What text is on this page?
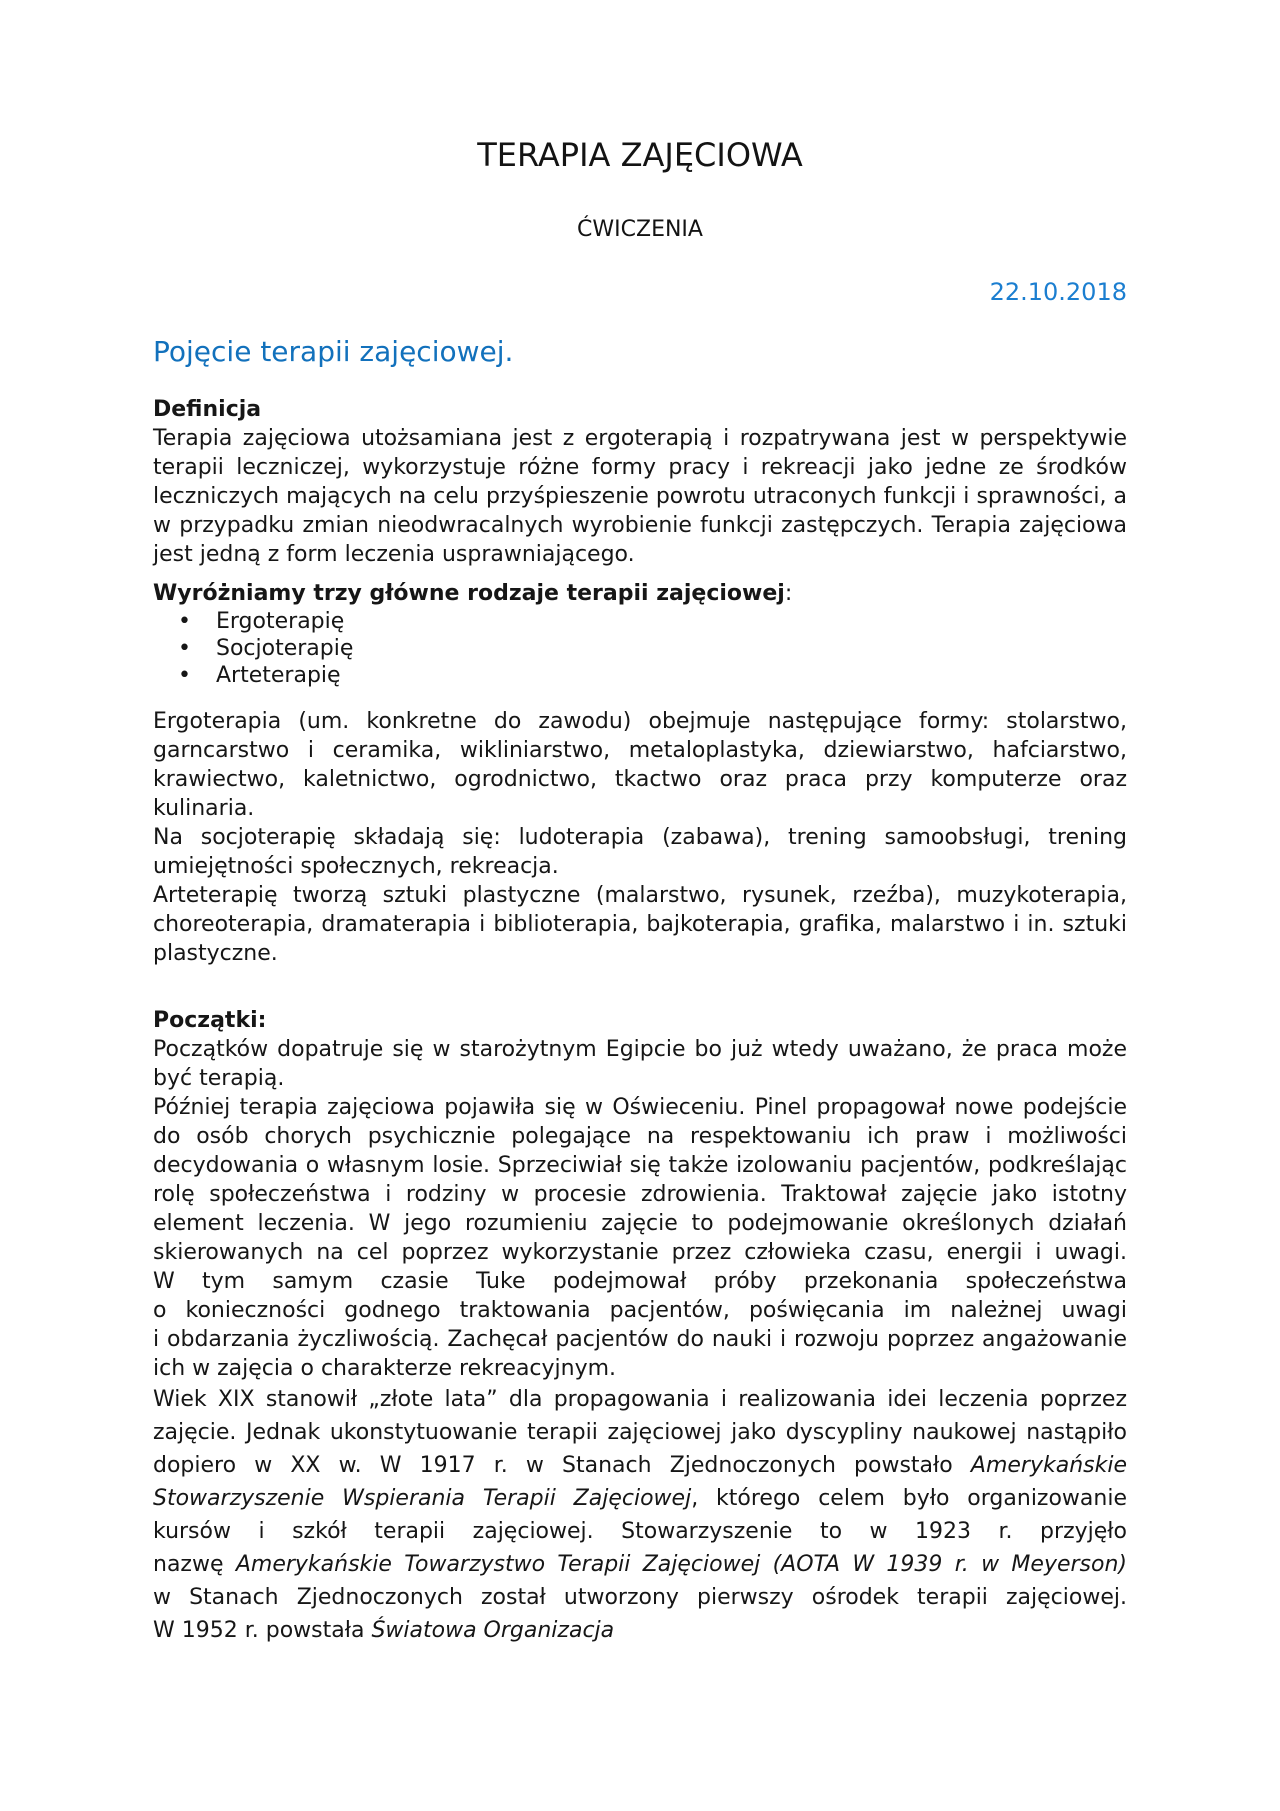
TERAPIA ZAJĘCIOWA
ĆWICZENIA
22.10.2018
Pojęcie terapii zajęciowej.

Definicja

Terapia zajęciowa utożsamiana jest z ergoterapią i rozpatrywana jest w perspektywie terapii leczniczej, wykorzystuje różne formy pracy i rekreacji jako jedne ze środków leczniczych mających na celu przyśpieszenie powrotu utraconych funkcji i sprawności, a w przypadku zmian nieodwracalnych wyrobienie funkcji zastępczych. Terapia zajęciowa jest jedną z form leczenia usprawniającego.

Wyróżniamy trzy główne rodzaje terapii zajęciowej:

• Ergoterapię
• Socjoterapię
• Arteterapię

Ergoterapia (um. konkretne do zawodu) obejmuje następujące formy: stolarstwo, garncarstwo i ceramika, wikliniarstwo, metaloplastyka, dziewiarstwo, hafciarstwo, krawiectwo, kaletnictwo, ogrodnictwo, tkactwo oraz praca przy komputerze oraz kulinaria.

Na socjoterapię składają się: ludoterapia (zabawa), trening samoobsługi, trening umiejętności społecznych, rekreacja.

Arteterapię tworzą sztuki plastyczne (malarstwo, rysunek, rzeźba), muzykoterapia, choreoterapia, dramaterapia i biblioterapia, bajkoterapia, grafika, malarstwo i in. sztuki plastyczne.

Początki:

Początków dopatruje się w starożytnym Egipcie bo już wtedy uważano, że praca może być terapią.

Później terapia zajęciowa pojawiła się w Oświeceniu. Pinel propagował nowe podejście do osób chorych psychicznie polegające na respektowaniu ich praw i możliwości decydowania o własnym losie. Sprzeciwiał się także izolowaniu pacjentów, podkreślając rolę społeczeństwa i rodziny w procesie zdrowienia. Traktował zajęcie jako istotny element leczenia. W jego rozumieniu zajęcie to podejmowanie określonych działań skierowanych na cel poprzez wykorzystanie przez człowieka czasu, energii i uwagi. W tym samym czasie Tuke podejmował próby przekonania społeczeństwa o konieczności godnego traktowania pacjentów, poświęcania im należnej uwagi i obdarzania życzliwością. Zachęcał pacjentów do nauki i rozwoju poprzez angażowanie ich w zajęcia o charakterze rekreacyjnym.

Wiek XIX stanowił „złote lata” dla propagowania i realizowania idei leczenia poprzez zajęcie. Jednak ukonstytuowanie terapii zajęciowej jako dyscypliny naukowej nastąpiło dopiero w XX w. W 1917 r. w Stanach Zjednoczonych powstało Amerykańskie Stowarzyszenie Wspierania Terapii Zajęciowej, którego celem było organizowanie kursów i szkół terapii zajęciowej. Stowarzyszenie to w 1923 r. przyjęło nazwę Amerykańskie Towarzystwo Terapii Zajęciowej (AOTA W 1939 r. w Meyerson) w Stanach Zjednoczonych został utworzony pierwszy ośrodek terapii zajęciowej. W 1952 r. powstała Światowa Organizacja
